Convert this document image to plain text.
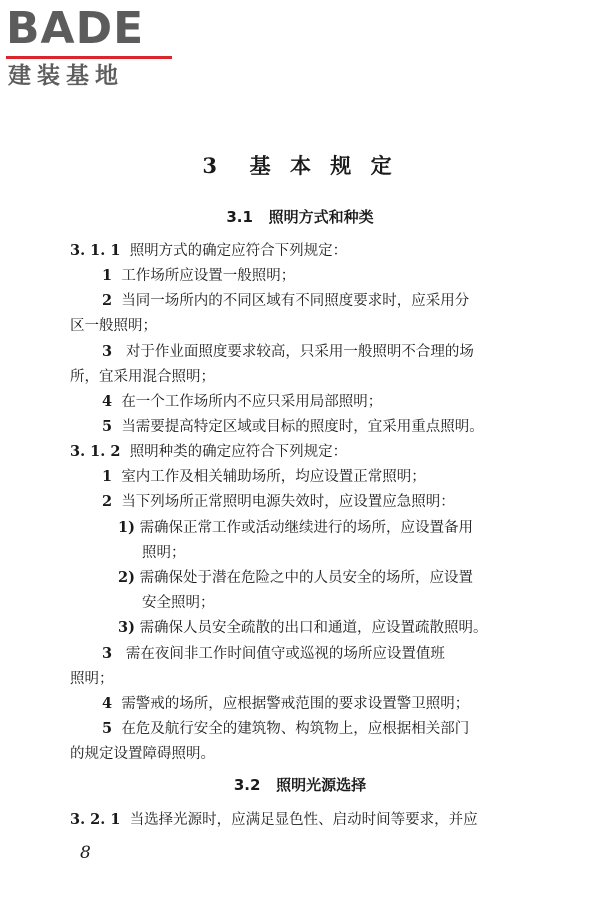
BADE
建装基地
3 基 本 规 定
3.1 照明方式和种类
3. 1. 1 照明方式的确定应符合下列规定：
1 工作场所应设置一般照明；
2 当同一场所内的不同区域有不同照度要求时，应采用分
区一般照明；
3 对于作业面照度要求较高，只采用一般照明不合理的场
所，宜采用混合照明；
4 在一个工作场所内不应只采用局部照明；
5 当需要提高特定区域或目标的照度时，宜采用重点照明。
3. 1. 2 照明种类的确定应符合下列规定：
1 室内工作及相关辅助场所，均应设置正常照明；
2 当下列场所正常照明电源失效时，应设置应急照明：
1) 需确保正常工作或活动继续进行的场所，应设置备用
照明；
2) 需确保处于潜在危险之中的人员安全的场所，应设置
安全照明；
3) 需确保人员安全疏散的出口和通道，应设置疏散照明。
3 需在夜间非工作时间值守或巡视的场所应设置值班
照明；
4 需警戒的场所，应根据警戒范围的要求设置警卫照明；
5 在危及航行安全的建筑物、构筑物上，应根据相关部门
的规定设置障碍照明。
3.2 照明光源选择
3. 2. 1 当选择光源时，应满足显色性、启动时间等要求，并应
8
